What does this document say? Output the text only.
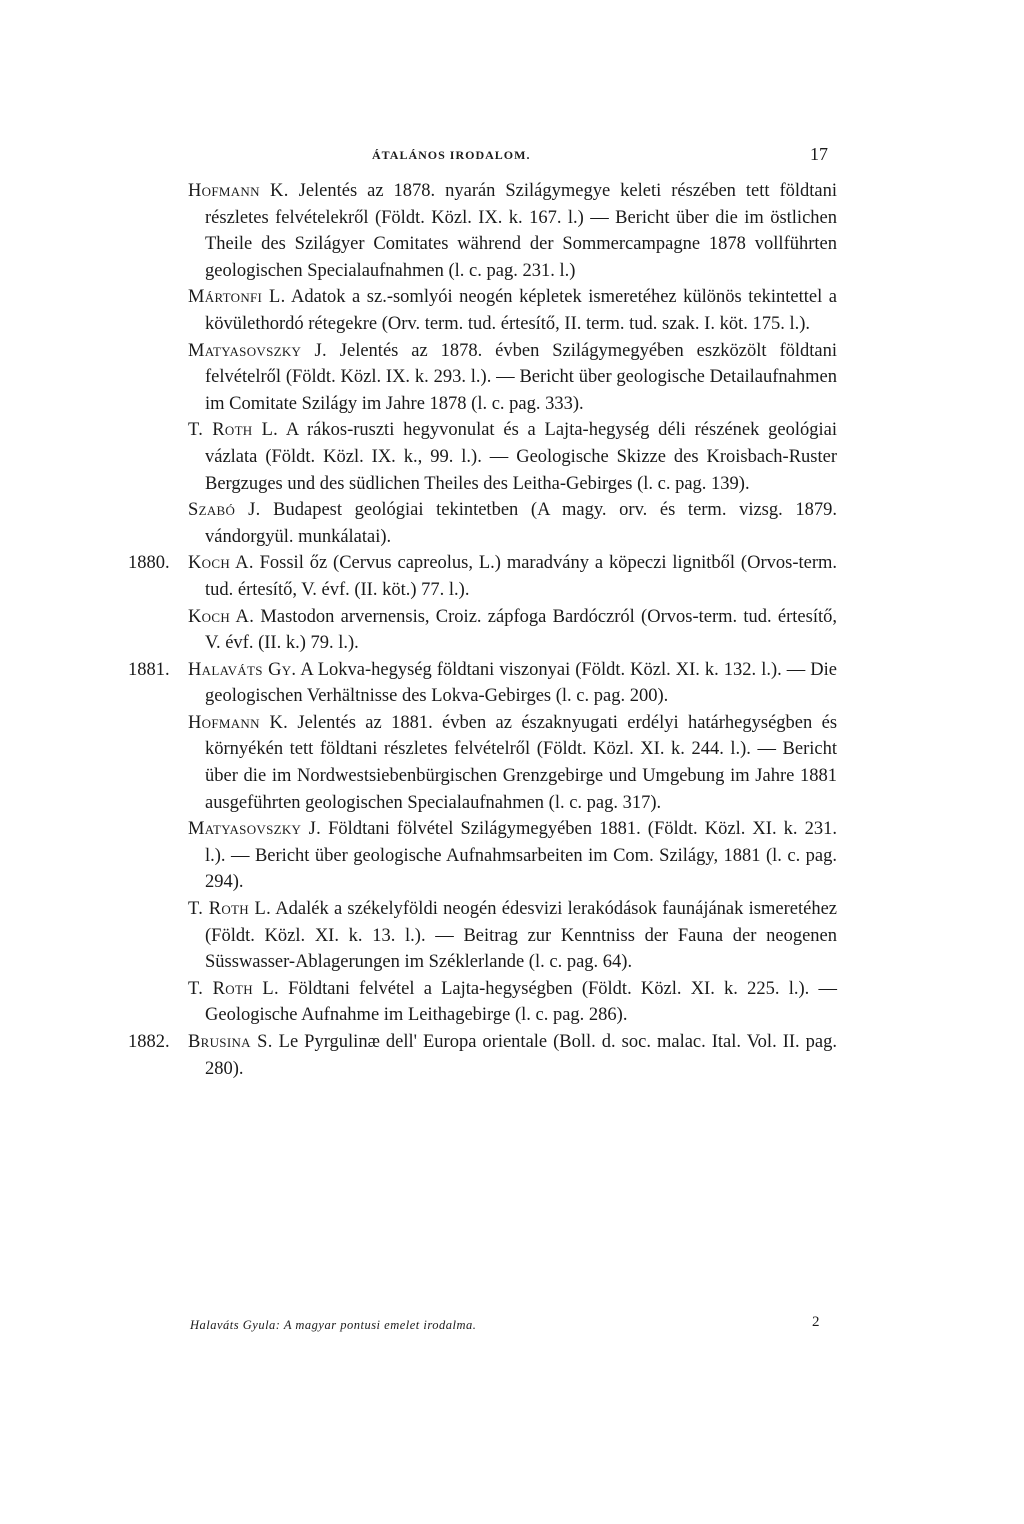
ÁTALÁNOS IRODALOM.	17
Hofmann K. Jelentés az 1878. nyarán Szilágymegye keleti részében tett földtani részletes felvételekről (Földt. Közl. IX. k. 167. l.) — Bericht über die im östlichen Theile des Szilágyer Comitates während der Sommercampagne 1878 vollführten geologischen Specialaufnahmen (l. c. pag. 231. l.)
Mártonfi L. Adatok a sz.-somlyói neogén képletek ismeretéhez különös tekintettel a kövülethordó rétegekre (Orv. term. tud. értesítő, II. term. tud. szak. I. köt. 175. l.).
Matyasovszky J. Jelentés az 1878. évben Szilágymegyében eszközölt földtani felvételről (Földt. Közl. IX. k. 293. l.). — Bericht über geologische Detailaufnahmen im Comitate Szilágy im Jahre 1878 (l. c. pag. 333).
T. Roth L. A rákos-ruszti hegyvonulat és a Lajta-hegység déli részének geológiai vázlata (Földt. Közl. IX. k., 99. l.). — Geologische Skizze des Kroisbach-Ruster Bergzuges und des südlichen Theiles des Leitha-Gebirges (l. c. pag. 139).
Szabó J. Budapest geológiai tekintetben (A magy. orv. és term. vizsg. 1879. vándorgyül. munkálatai).
1880. Koch A. Fossil őz (Cervus capreolus, L.) maradvány a köpeczi lignitből (Orvos-term. tud. értesítő, V. évf. (II. köt.) 77. l.).
Koch A. Mastodon arvernensis, Croiz. zápfoga Bardóczról (Orvos-term. tud. értesítő, V. évf. (II. k.) 79. l.).
1881. Halaváts Gy. A Lokva-hegység földtani viszonyai (Földt. Közl. XI. k. 132. l.). — Die geologischen Verhältnisse des Lokva-Gebirges (l. c. pag. 200).
Hofmann K. Jelentés az 1881. évben az északnyugati erdélyi határhegységben és környékén tett földtani részletes felvételről (Földt. Közl. XI. k. 244. l.). — Bericht über die im Nordwestsiebenbürgischen Grenzgebirge und Umgebung im Jahre 1881 ausgeführten geologischen Specialaufnahmen (l. c. pag. 317).
Matyasovszky J. Földtani fölvétel Szilágymegyében 1881. (Földt. Közl. XI. k. 231. l.). — Bericht über geologische Aufnahmsarbeiten im Com. Szilágy, 1881 (l. c. pag. 294).
T. Roth L. Adalék a székelyföldi neogén édesvizi lerakódások faunájának ismeretéhez (Földt. Közl. XI. k. 13. l.). — Beitrag zur Kenntniss der Fauna der neogenen Süsswasser-Ablagerungen im Széklerlande (l. c. pag. 64).
T. Roth L. Földtani felvétel a Lajta-hegységben (Földt. Közl. XI. k. 225. l.). — Geologische Aufnahme im Leithagebirge (l. c. pag. 286).
1882. Brusina S. Le Pyrgulinæ dell' Europa orientale (Boll. d. soc. malac. Ital. Vol. II. pag. 280).
Halaváts Gyula: A magyar pontusi emelet irodalma.	2
